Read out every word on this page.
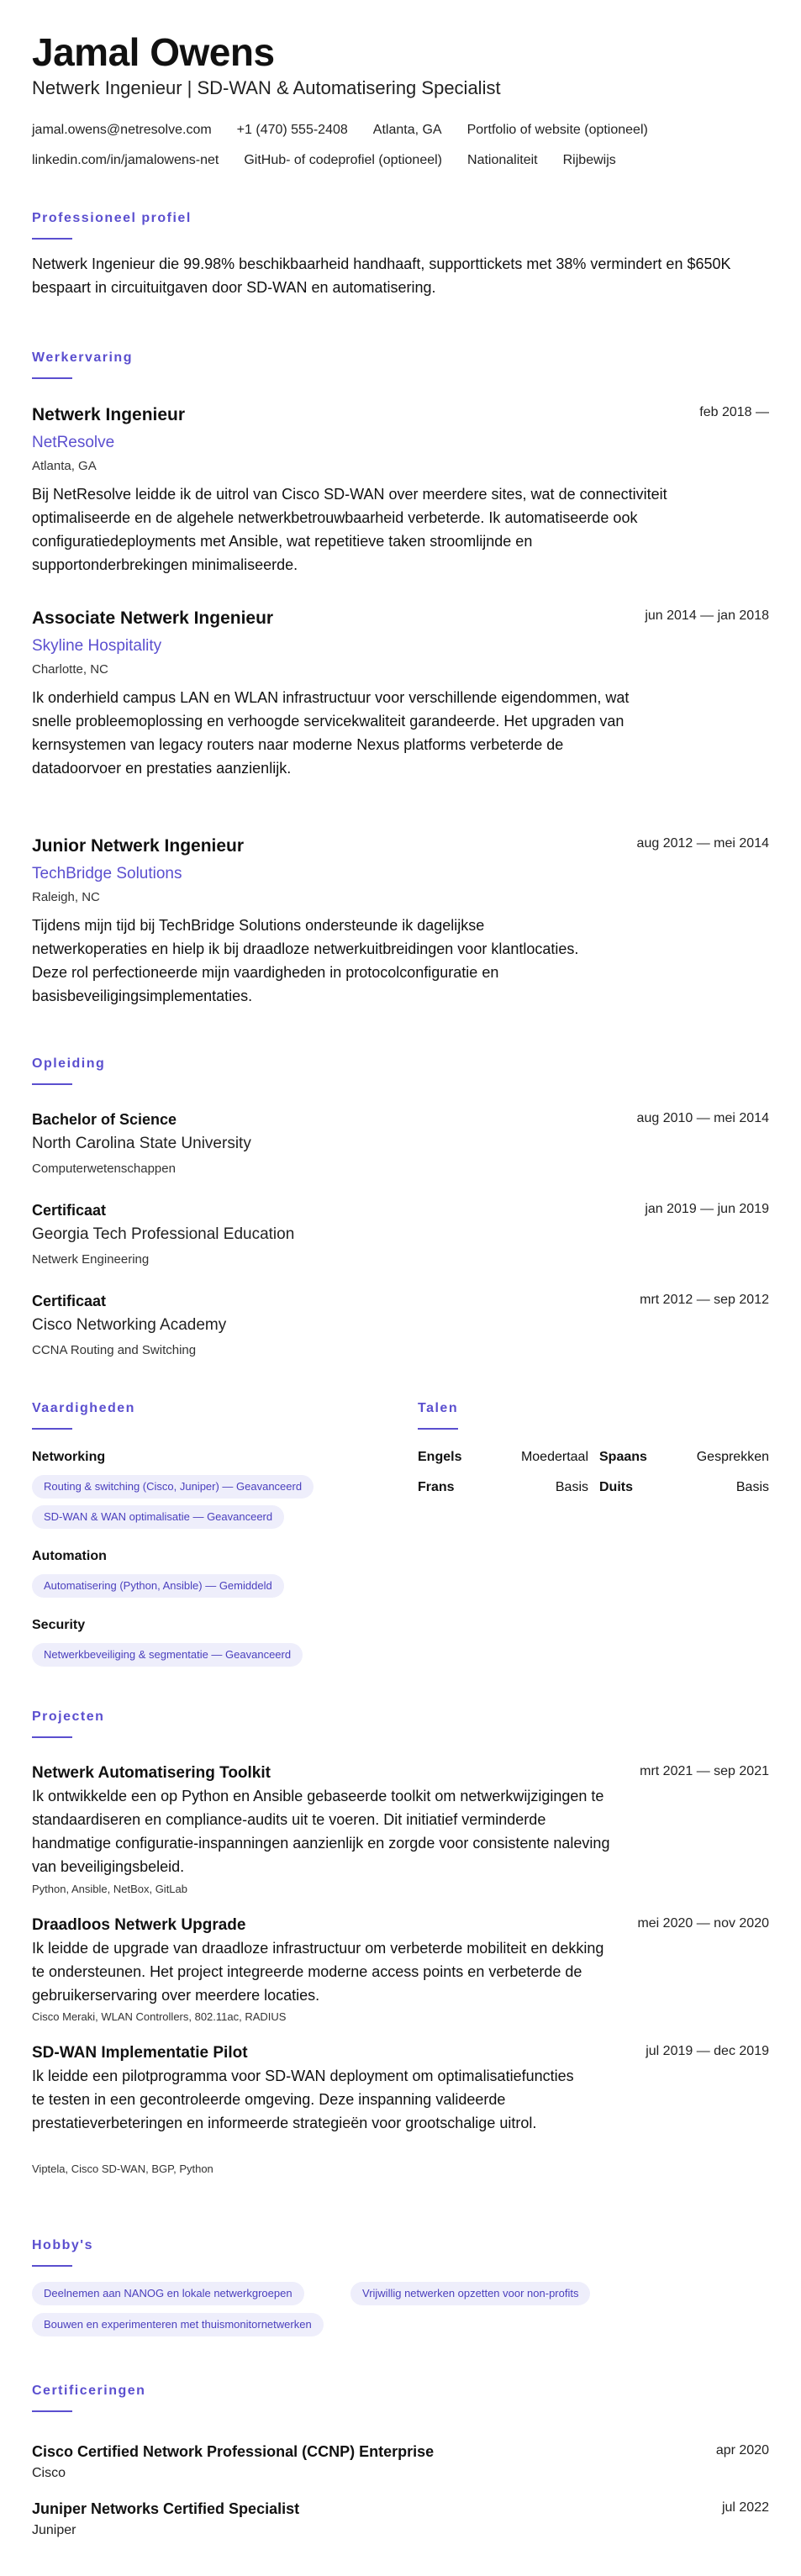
Jamal Owens
Netwerk Ingenieur | SD-WAN & Automatisering Specialist
jamal.owens@netresolve.com +1 (470) 555-2408 Atlanta, GA Portfolio of website (optioneel)
linkedin.com/in/jamalowens-net GitHub- of codeprofiel (optioneel) Nationaliteit Rijbewijs
Professioneel profiel
Netwerk Ingenieur die 99.98% beschikbaarheid handhaaft, supporttickets met 38% vermindert en $650K bespaart in circuituitgaven door SD-WAN en automatisering.
Werkervaring
Netwerk Ingenieur	feb 2018 —
NetResolve
Atlanta, GA
Bij NetResolve leidde ik de uitrol van Cisco SD-WAN over meerdere sites, wat de connectiviteit optimaliseerde en de algehele netwerkbetrouwbaarheid verbeterde. Ik automatiseerde ook configuratiedeployments met Ansible, wat repetitieve taken stroomlijnde en supportonderbrekingen minimaliseerde.
Associate Netwerk Ingenieur	jun 2014 — jan 2018
Skyline Hospitality
Charlotte, NC
Ik onderhield campus LAN en WLAN infrastructuur voor verschillende eigendommen, wat snelle probleemoplossing en verhoogde servicekwaliteit garandeerde. Het upgraden van kernsystemen van legacy routers naar moderne Nexus platforms verbeterde de datadoorvoer en prestaties aanzienlijk.
Junior Netwerk Ingenieur	aug 2012 — mei 2014
TechBridge Solutions
Raleigh, NC
Tijdens mijn tijd bij TechBridge Solutions ondersteunde ik dagelijkse netwerkoperaties en hielp ik bij draadloze netwerkuitbreidingen voor klantlocaties. Deze rol perfectioneerde mijn vaardigheden in protocolconfiguratie en basisbeveiligingsimplementaties.
Opleiding
Bachelor of Science	aug 2010 — mei 2014
North Carolina State University
Computerwetenschappen
Certificaat	jan 2019 — jun 2019
Georgia Tech Professional Education
Netwerk Engineering
Certificaat	mrt 2012 — sep 2012
Cisco Networking Academy
CCNA Routing and Switching
Vaardigheden
Networking
Routing & switching (Cisco, Juniper) — Geavanceerd
SD-WAN & WAN optimalisatie — Geavanceerd
Automation
Automatisering (Python, Ansible) — Gemiddeld
Security
Netwerkbeveiliging & segmentatie — Geavanceerd
Talen
Engels	Moedertaal Spaans	Gesprekken
Frans	Basis Duits	Basis
Projecten
Netwerk Automatisering Toolkit	mrt 2021 — sep 2021
Ik ontwikkelde een op Python en Ansible gebaseerde toolkit om netwerkwijzigingen te standaardiseren en compliance-audits uit te voeren. Dit initiatief verminderde handmatige configuratie-inspanningen aanzienlijk en zorgde voor consistente naleving van beveiligingsbeleid.
Python, Ansible, NetBox, GitLab
Draadloos Netwerk Upgrade	mei 2020 — nov 2020
Ik leidde de upgrade van draadloze infrastructuur om verbeterde mobiliteit en dekking te ondersteunen. Het project integreerde moderne access points en verbeterde de gebruikerservaring over meerdere locaties.
Cisco Meraki, WLAN Controllers, 802.11ac, RADIUS
SD-WAN Implementatie Pilot	jul 2019 — dec 2019
Ik leidde een pilotprogramma voor SD-WAN deployment om optimalisatiefuncties te testen in een gecontroleerde omgeving. Deze inspanning valideerde prestatieverbeteringen en informeerde strategieën voor grootschalige uitrol.
Viptela, Cisco SD-WAN, BGP, Python
Hobby's
Deelnemen aan NANOG en lokale netwerkgroepen	Vrijwillig netwerken opzetten voor non-profits
Bouwen en experimenteren met thuismonitornetwerken
Certificeringen
Cisco Certified Network Professional (CCNP) Enterprise	apr 2020
Cisco
Juniper Networks Certified Specialist	jul 2022
Juniper
